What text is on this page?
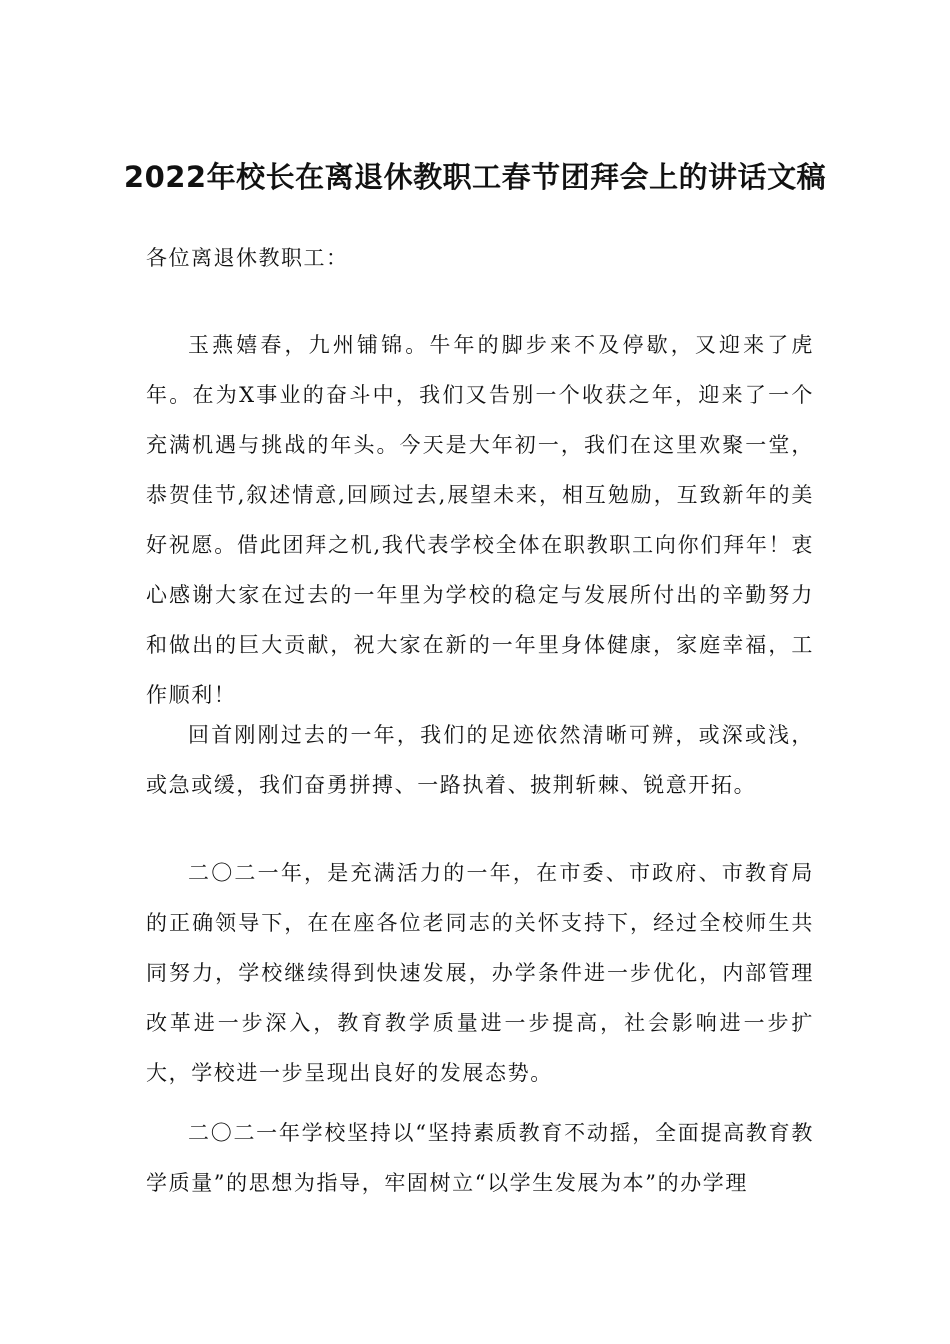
2022年校长在离退休教职工春节团拜会上的讲话文稿
各位离退休教职工：

玉燕嬉春，九州铺锦。牛年的脚步来不及停歇，又迎来了虎年。在为X事业的奋斗中，我们又告别一个收获之年，迎来了一个充满机遇与挑战的年头。今天是大年初一，我们在这里欢聚一堂，恭贺佳节,叙述情意,回顾过去,展望未来，相互勉励，互致新年的美好祝愿。借此团拜之机,我代表学校全体在职教职工向你们拜年！衷心感谢大家在过去的一年里为学校的稳定与发展所付出的辛勤努力和做出的巨大贡献，祝大家在新的一年里身体健康，家庭幸福，工作顺利！

回首刚刚过去的一年，我们的足迹依然清晰可辨，或深或浅，或急或缓，我们奋勇拼搏、一路执着、披荆斩棘、锐意开拓。

二〇二一年，是充满活力的一年，在市委、市政府、市教育局的正确领导下，在在座各位老同志的关怀支持下，经过全校师生共同努力，学校继续得到快速发展，办学条件进一步优化，内部管理改革进一步深入，教育教学质量进一步提高，社会影响进一步扩大，学校进一步呈现出良好的发展态势。

二〇二一年学校坚持以“坚持素质教育不动摇，全面提高教育教学质量”的思想为指导，牢固树立“以学生发展为本”的办学理
